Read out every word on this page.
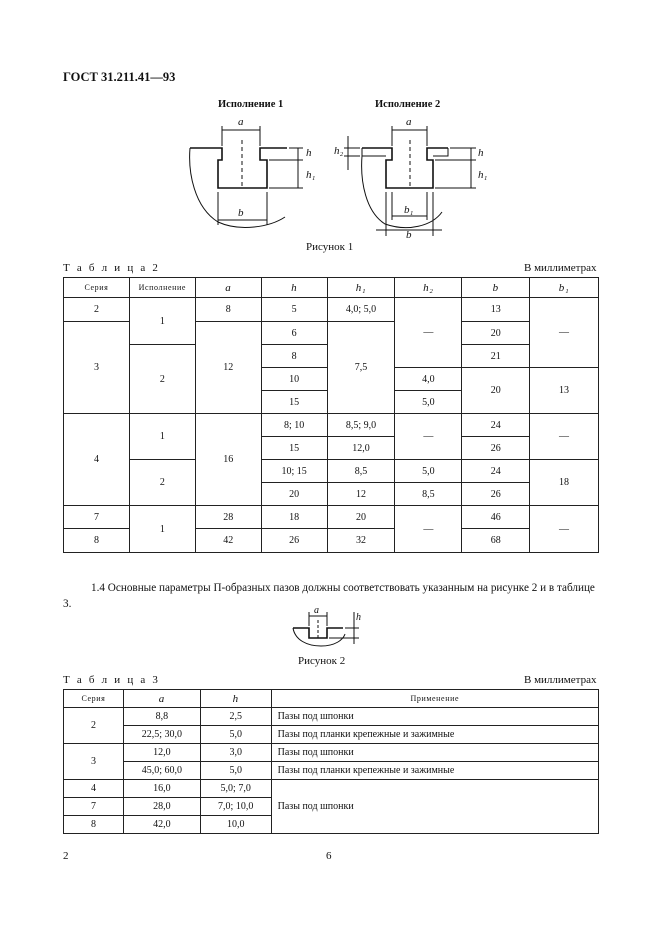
ГОСТ 31.211.41—93
Исполнение 1	Исполнение 2
a
b
h
h₁
a
b₁
b
h
h₁
h₂
Рисунок 1
Т а б л и ц а 2	В миллиметрах
Серия	Исполнение	a	h	h₁	h₂	b	b₁
2	1	8	5	4,0; 5,0	—	13	—
3		12	6	7,5		20	
	2		8			21	
			10		4,0	20	13
			15		5,0		
4	1	16	8; 10	8,5; 9,0	—	24	—
			15	12,0		26	
	2		10; 15	8,5	5,0	24	18
			20	12	8,5	26	
7	1	28	18	20	—	46	—
8		42	26	32		68	
1.4 Основные параметры П-образных пазов должны соответствовать указанным на рисунке 2 и в таблице 3.
a
h
Рисунок 2
Т а б л и ц а 3	В миллиметрах
Серия	a	h	Применение
2	8,8	2,5	Пазы под шпонки
	22,5; 30,0	5,0	Пазы под планки крепежные и зажимные
3	12,0	3,0	Пазы под шпонки
	45,0; 60,0	5,0	Пазы под планки крепежные и зажимные
4	16,0	5,0; 7,0	Пазы под шпонки
7	28,0	7,0; 10,0	
8	42,0	10,0	
2	6
